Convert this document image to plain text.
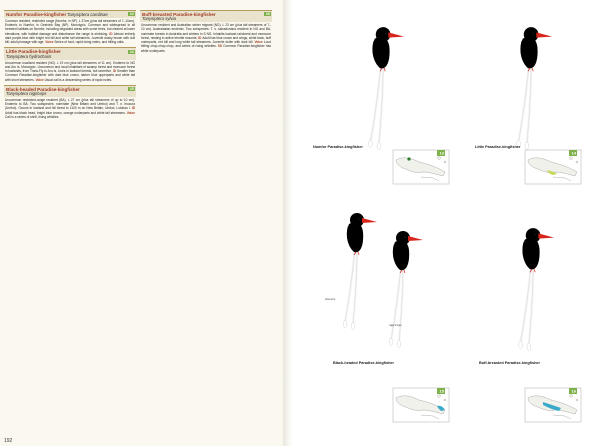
Numfor Paradise-kingfisher Tanysiptera carolinae	13
Common resident, restricted range (Numfor, in NP). L 37cm (plus tail streamers of 7–10cm). Endemic to Numfor, in Geelvink Bay (NP). Monotypic. Common and widespread in all forested habitats on Numfor, including degraded areas with some trees, but cleared at lower elevations; with habitat damage and disturbance the range is shrinking. ID Almost entirely dark purple-blue with bright red bill and white tail streamers. Juvenile dusky brown with dull bill; adult plumage with age. Voice Series of loud, rapid rising notes, and trilling calls.
Little Paradise-kingfisher
Tanysiptera hydrocharis
14
Uncommon localised resident (NG). L 19 cm (plus tail streamers of 11 cm). Endemic to NG and Aru Is. Monotypic. Uncommon and local inhabitant of swamp forest and monsoon forest in lowlands, from Trans-Fly to Aru Is. Lives in lowland forests, but secretive. ID Smaller than Common Paradise-kingfisher with dark blue crown, darker blue upperparts and white tail with short streamers. Voice Usual call is a descending series of rapid notes.
Black-headed Paradise-kingfisher
Tanysiptera nigriceps
15
Uncommon restricted-range resident (BA). L 27 cm (plus tail streamers of up to 10 cm). Endemic to BA. Two subspecies: nominate (New Britain and Umboi) and T. n. leucura (Umboi). Occurs in lowland and hill forest to 1100 m on New Britain, Umboi, Lolobau I. ID Adult has black head, bright blue crown, orange underparts and white tail streamers. Voice Call is a series of shrill, rising whistles.
Buff-breasted Paradise-kingfisher
Tanysiptera sylvia
16
Uncommon resident and Australian winter migrant (NG). L 23 cm (plus tail streamers of 7–13 cm). Australasian endemic. Two subspecies: T. s. salvadoriana resident in NG and BA, nominate breeds in Australia and winters in S NG. Inhabits lowland rainforest and monsoon forest, nesting in active termite mounds. ID Adult has blue crown and wings, white back, buff underparts, red bill and long white tail streamers. Juvenile duller with dark bill. Voice Loud trilling chop-chop-chop, and series of rising whistles. SS Common Paradise-kingfisher has white underparts.
192
13	14
Numfor Paradise-kingfisher	Little Paradise-kingfisher
leucura
nigriceps
Black-headed Paradise-kingfisher	Buff-breasted Paradise-kingfisher
15	16
